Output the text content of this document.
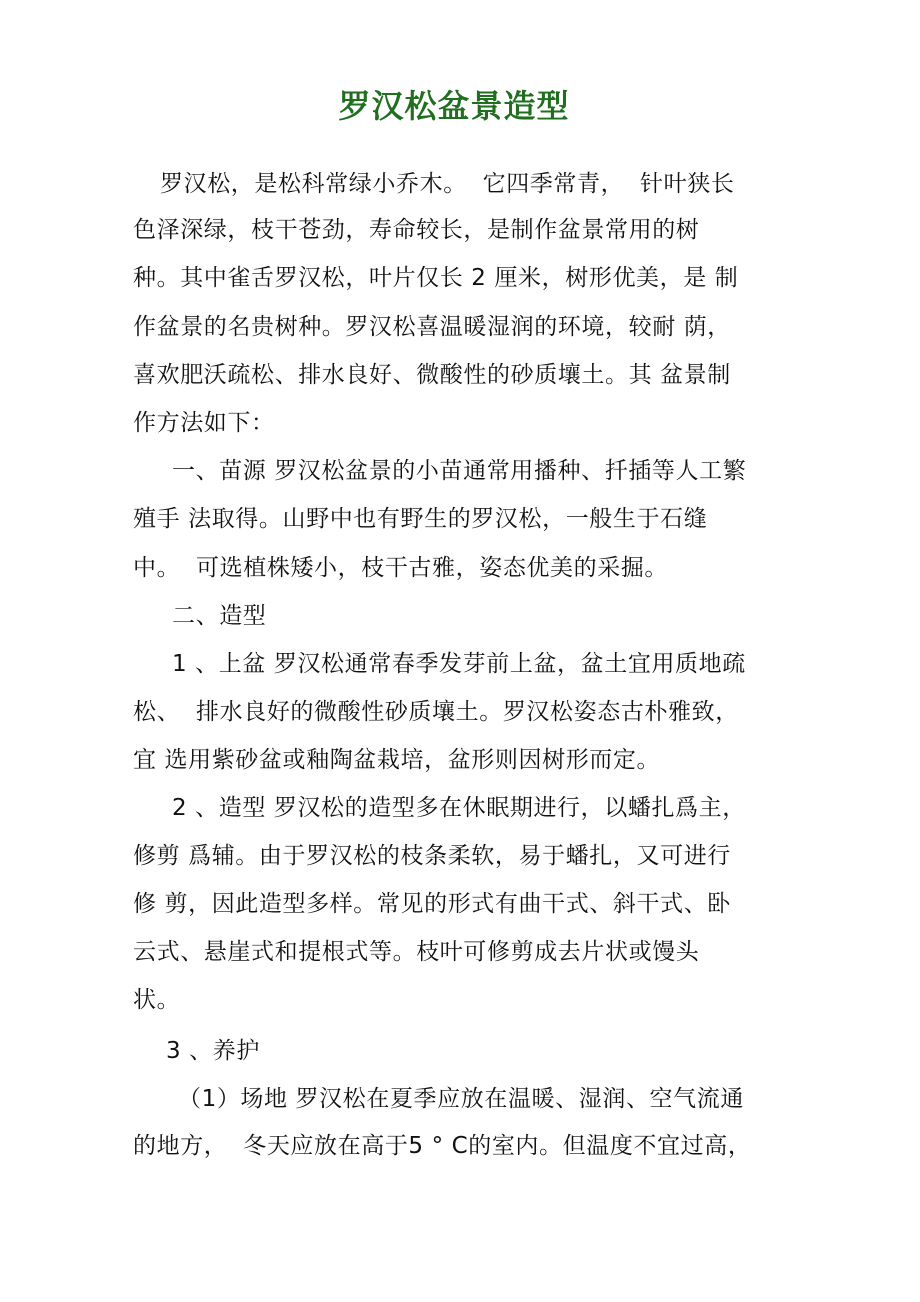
罗汉松盆景造型
罗汉松，是松科常绿小乔木。  它四季常青，  针叶狭长
色泽深绿，枝干苍劲，寿命较长，是制作盆景常用的树
种。其中雀舌罗汉松，叶片仅长 2 厘米，树形优美，是 制
作盆景的名贵树种。罗汉松喜温暖湿润的环境，较耐 荫，
喜欢肥沃疏松、排水良好、微酸性的砂质壤土。其 盆景制
作方法如下：
一、苗源 罗汉松盆景的小苗通常用播种、扦插等人工繁
殖手 法取得。山野中也有野生的罗汉松，一般生于石缝
中。  可选植株矮小，枝干古雅，姿态优美的采掘。
二、造型
1 、上盆 罗汉松通常春季发芽前上盆，盆土宜用质地疏
松、  排水良好的微酸性砂质壤土。罗汉松姿态古朴雅致，
宜 选用紫砂盆或釉陶盆栽培，盆形则因树形而定。
2 、造型 罗汉松的造型多在休眠期进行，以蟠扎爲主，
修剪 爲辅。由于罗汉松的枝条柔软，易于蟠扎，又可进行
修 剪，因此造型多样。常见的形式有曲干式、斜干式、卧
云式、悬崖式和提根式等。枝叶可修剪成去片状或馒头
状。
3 、养护
（1）场地 罗汉松在夏季应放在温暖、湿润、空气流通
的地方，  冬天应放在高于5 ° C的室内。但温度不宜过高，
